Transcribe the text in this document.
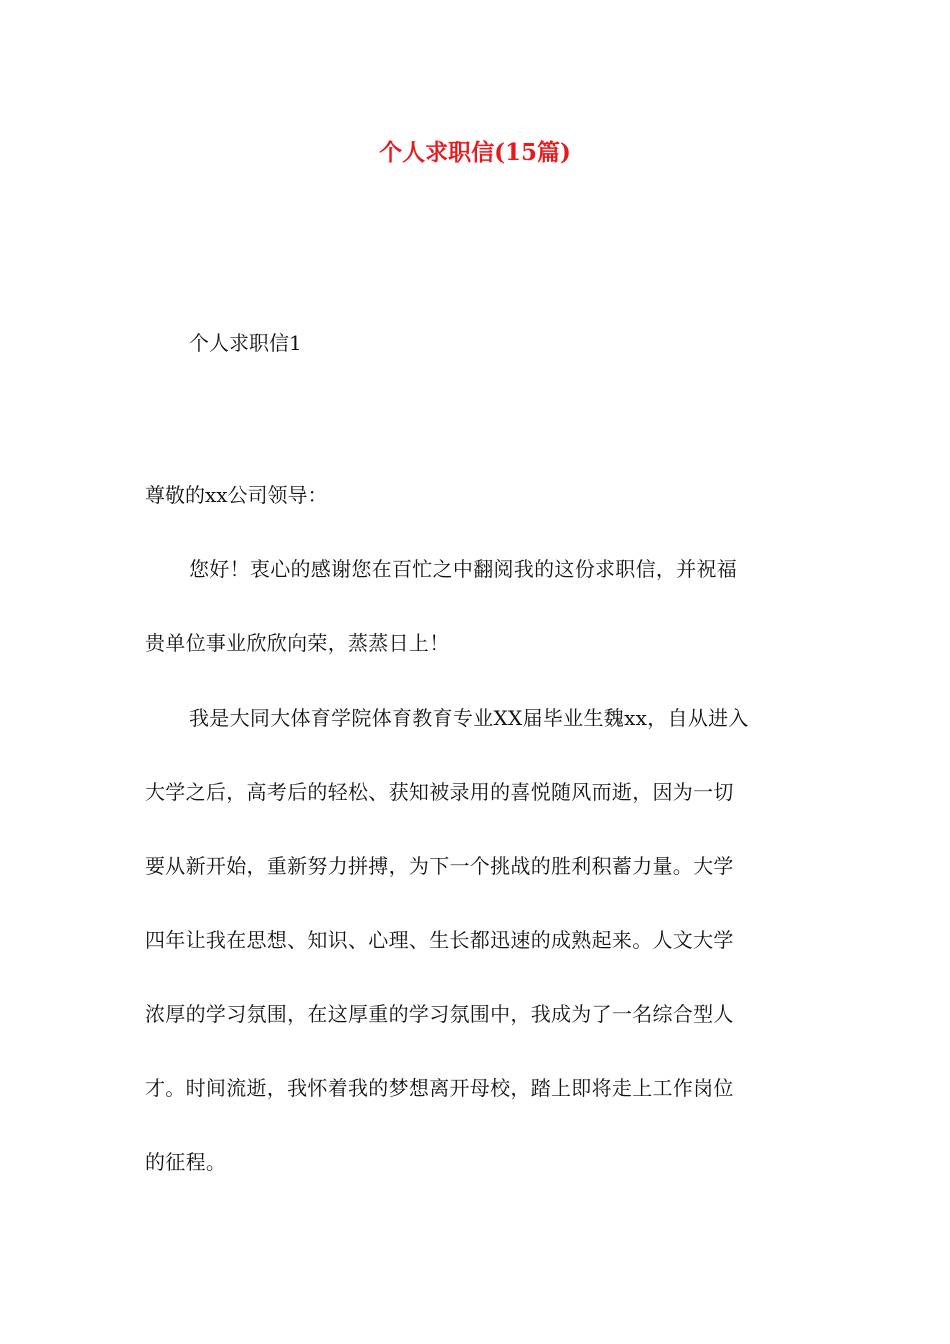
个人求职信(15篇)
个人求职信1
尊敬的xx公司领导：
您好！衷心的感谢您在百忙之中翻阅我的这份求职信，并祝福
贵单位事业欣欣向荣，蒸蒸日上！
我是大同大体育学院体育教育专业XX届毕业生魏xx，自从进入
大学之后，高考后的轻松、获知被录用的喜悦随风而逝，因为一切
要从新开始，重新努力拼搏，为下一个挑战的胜利积蓄力量。大学
四年让我在思想、知识、心理、生长都迅速的成熟起来。人文大学
浓厚的学习氛围，在这厚重的学习氛围中，我成为了一名综合型人
才。时间流逝，我怀着我的梦想离开母校，踏上即将走上工作岗位
的征程。
